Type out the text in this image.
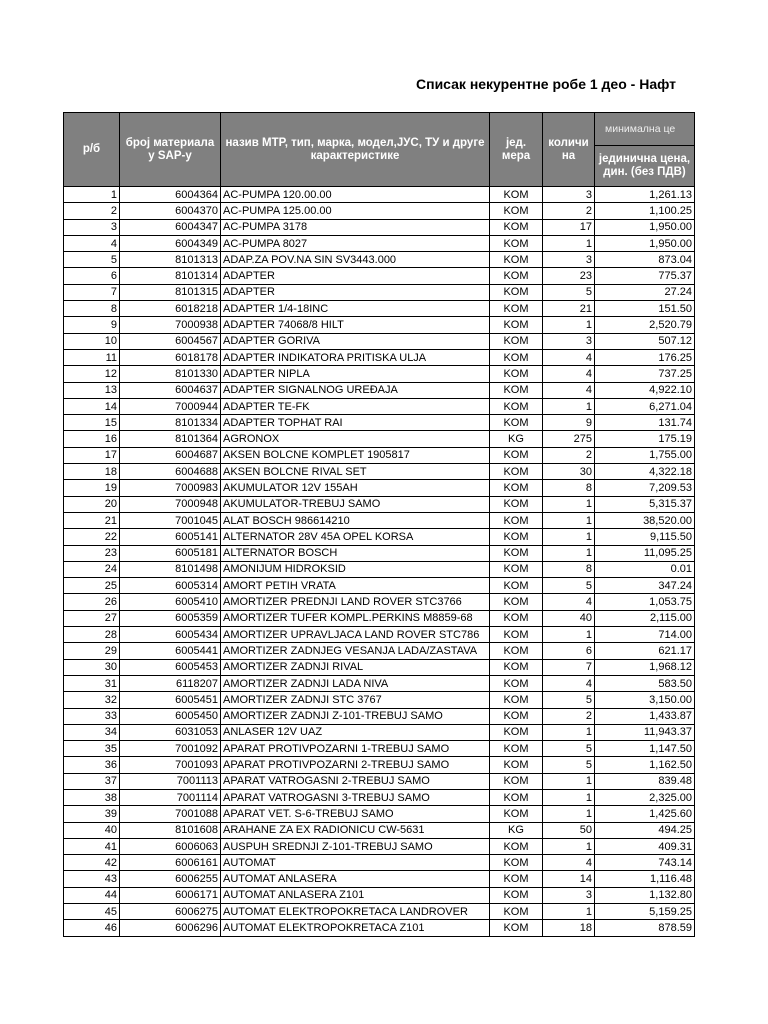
р/б	број материала у SAP-у	назив МТР, тип, марка, модел,ЈУС, ТУ и друге карактеристике	јед. мера	количи на	минимална це
					јединична цена, дин. (без ПДВ)
1	6004364	AC-PUMPA 120.00.00	KOM	3	1,261.13
2	6004370	AC-PUMPA 125.00.00	KOM	2	1,100.25
3	6004347	AC-PUMPA 3178	KOM	17	1,950.00
4	6004349	AC-PUMPA 8027	KOM	1	1,950.00
5	8101313	ADAP.ZA POV.NA SIN SV3443.000	KOM	3	873.04
6	8101314	ADAPTER	KOM	23	775.37
7	8101315	ADAPTER	KOM	5	27.24
8	6018218	ADAPTER 1/4-18INC	KOM	21	151.50
9	7000938	ADAPTER 74068/8 HILT	KOM	1	2,520.79
10	6004567	ADAPTER GORIVA	KOM	3	507.12
11	6018178	ADAPTER INDIKATORA PRITISKA ULJA	KOM	4	176.25
12	8101330	ADAPTER NIPLA	KOM	4	737.25
13	6004637	ADAPTER SIGNALNOG UREĐAJA	KOM	4	4,922.10
14	7000944	ADAPTER TE-FK	KOM	1	6,271.04
15	8101334	ADAPTER TOPHAT RAI	KOM	9	131.74
16	8101364	AGRONOX	KG	275	175.19
17	6004687	AKSEN BOLCNE KOMPLET 1905817	KOM	2	1,755.00
18	6004688	AKSEN BOLCNE RIVAL SET	KOM	30	4,322.18
19	7000983	AKUMULATOR 12V 155AH	KOM	8	7,209.53
20	7000948	AKUMULATOR-TREBUJ SAMO	KOM	1	5,315.37
21	7001045	ALAT BOSCH 986614210	KOM	1	38,520.00
22	6005141	ALTERNATOR 28V 45A OPEL KORSA	KOM	1	9,115.50
23	6005181	ALTERNATOR BOSCH	KOM	1	11,095.25
24	8101498	AMONIJUM HIDROKSID	KOM	8	0.01
25	6005314	AMORT PETIH VRATA	KOM	5	347.24
26	6005410	AMORTIZER PREDNJI LAND ROVER STC3766	KOM	4	1,053.75
27	6005359	AMORTIZER TUFER KOMPL.PERKINS M8859-68	KOM	40	2,115.00
28	6005434	AMORTIZER UPRAVLJACA LAND ROVER STC786	KOM	1	714.00
29	6005441	AMORTIZER ZADNJEG VESANJA LADA/ZASTAVA	KOM	6	621.17
30	6005453	AMORTIZER ZADNJI RIVAL	KOM	7	1,968.12
31	6118207	AMORTIZER ZADNJI LADA NIVA	KOM	4	583.50
32	6005451	AMORTIZER ZADNJI STC 3767	KOM	5	3,150.00
33	6005450	AMORTIZER ZADNJI Z-101-TREBUJ SAMO	KOM	2	1,433.87
34	6031053	ANLASER 12V UAZ	KOM	1	11,943.37
35	7001092	APARAT PROTIVPOZARNI 1-TREBUJ SAMO	KOM	5	1,147.50
36	7001093	APARAT PROTIVPOZARNI 2-TREBUJ SAMO	KOM	5	1,162.50
37	7001113	APARAT VATROGASNI 2-TREBUJ SAMO	KOM	1	839.48
38	7001114	APARAT VATROGASNI 3-TREBUJ SAMO	KOM	1	2,325.00
39	7001088	APARAT VET. S-6-TREBUJ SAMO	KOM	1	1,425.60
40	8101608	ARAHANE ZA EX RADIONICU CW-5631	KG	50	494.25
41	6006063	AUSPUH SREDNJI Z-101-TREBUJ SAMO	KOM	1	409.31
42	6006161	AUTOMAT	KOM	4	743.14
43	6006255	AUTOMAT ANLASERA	KOM	14	1,116.48
44	6006171	AUTOMAT ANLASERA Z101	KOM	3	1,132.80
45	6006275	AUTOMAT ELEKTROPOKRETACA LANDROVER	KOM	1	5,159.25
46	6006296	AUTOMAT ELEKTROPOKRETACA Z101	KOM	18	878.59
Списак некурентне робе 1 део - Нафт
